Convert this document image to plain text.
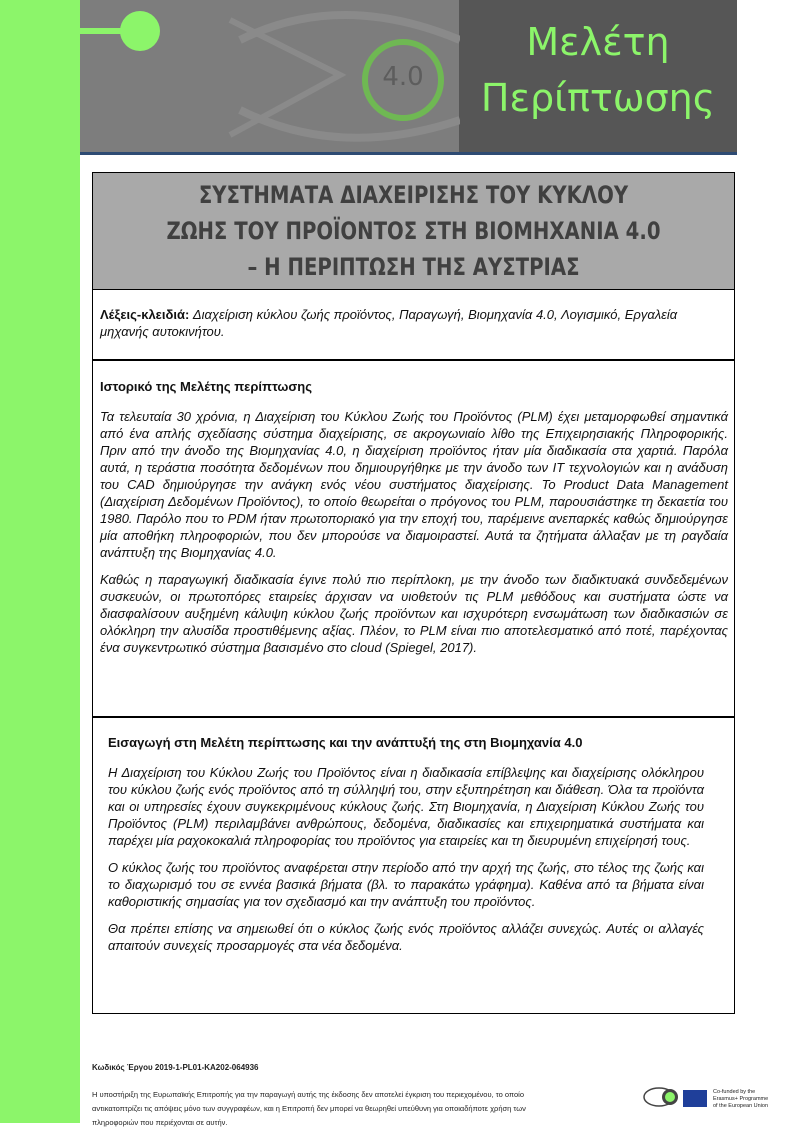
4.0
Μελέτη
Περίπτωσης
ΣΥΣΤΗΜΑΤΑ ΔΙΑΧΕΙΡΙΣΗΣ ΤΟΥ ΚΥΚΛΟΥ ΖΩΗΣ ΤΟΥ ΠΡΟΪΟΝΤΟΣ ΣΤΗ ΒΙΟΜΗΧΑΝΙΑ 4.0 – Η ΠΕΡΙΠΤΩΣΗ ΤΗΣ ΑΥΣΤΡΙΑΣ
Λέξεις-κλειδιά: Διαχείριση κύκλου ζωής προϊόντος, Παραγωγή, Βιομηχανία 4.0, Λογισμικό, Εργαλεία μηχανής αυτοκινήτου.
Ιστορικό της Μελέτης περίπτωσης

Τα τελευταία 30 χρόνια, η Διαχείριση του Κύκλου Ζωής του Προϊόντος (PLM) έχει μεταμορφωθεί σημαντικά από ένα απλής σχεδίασης σύστημα διαχείρισης, σε ακρογωνιαίο λίθο της Επιχειρησιακής Πληροφορικής. Πριν από την άνοδο της Βιομηχανίας 4.0, η διαχείριση προϊόντος ήταν μία διαδικασία στα χαρτιά. Παρόλα αυτά, η τεράστια ποσότητα δεδομένων που δημιουργήθηκε με την άνοδο των IT τεχνολογιών και η ανάδυση του CAD δημιούργησε την ανάγκη ενός νέου συστήματος διαχείρισης. Το Product Data Management (Διαχείριση Δεδομένων Προϊόντος), το οποίο θεωρείται ο πρόγονος του PLM, παρουσιάστηκε τη δεκαετία του 1980. Παρόλο που το PDM ήταν πρωτοποριακό για την εποχή του, παρέμεινε ανεπαρκές καθώς δημιούργησε μία αποθήκη πληροφοριών, που δεν μπορούσε να διαμοιραστεί. Αυτά τα ζητήματα άλλαξαν με τη ραγδαία ανάπτυξη της Βιομηχανίας 4.0.

Καθώς η παραγωγική διαδικασία έγινε πολύ πιο περίπλοκη, με την άνοδο των διαδικτυακά συνδεδεμένων συσκευών, οι πρωτοπόρες εταιρείες άρχισαν να υιοθετούν τις PLM μεθόδους και συστήματα ώστε να διασφαλίσουν αυξημένη κάλυψη κύκλου ζωής προϊόντων και ισχυρότερη ενσωμάτωση των διαδικασιών σε ολόκληρη την αλυσίδα προστιθέμενης αξίας. Πλέον, το PLM είναι πιο αποτελεσματικό από ποτέ, παρέχοντας ένα συγκεντρωτικό σύστημα βασισμένο στο cloud (Spiegel, 2017).

Εισαγωγή στη Μελέτη περίπτωσης και την ανάπτυξή της στη Βιομηχανία 4.0

Η Διαχείριση του Κύκλου Ζωής του Προϊόντος είναι η διαδικασία επίβλεψης και διαχείρισης ολόκληρου του κύκλου ζωής ενός προϊόντος από τη σύλληψή του, στην εξυπηρέτηση και διάθεση. Όλα τα προϊόντα και οι υπηρεσίες έχουν συγκεκριμένους κύκλους ζωής. Στη Βιομηχανία, η Διαχείριση Κύκλου Ζωής του Προϊόντος (PLM) περιλαμβάνει ανθρώπους, δεδομένα, διαδικασίες και επιχειρηματικά συστήματα και παρέχει μία ραχοκοκαλιά πληροφορίας του προϊόντος για εταιρείες και τη διευρυμένη επιχείρησή τους.

Ο κύκλος ζωής του προϊόντος αναφέρεται στην περίοδο από την αρχή της ζωής, στο τέλος της ζωής και το διαχωρισμό του σε εννέα βασικά βήματα (βλ. το παρακάτω γράφημα). Καθένα από τα βήματα είναι καθοριστικής σημασίας για τον σχεδιασμό και την ανάπτυξη του προϊόντος.

Θα πρέπει επίσης να σημειωθεί ότι ο κύκλος ζωής ενός προϊόντος αλλάζει συνεχώς. Αυτές οι αλλαγές απαιτούν συνεχείς προσαρμογές στα νέα δεδομένα.

Κωδικός Έργου 2019-1-PL01-KA202-064936
Η υποστήριξη της Ευρωπαϊκής Επιτροπής για την παραγωγή αυτής της έκδοσης δεν αποτελεί έγκριση του περιεχομένου, το οποίο αντικατοπτρίζει τις απόψεις μόνο των συγγραφέων, και η Επιτροπή δεν μπορεί να θεωρηθεί υπεύθυνη για οποιαδήποτε χρήση των πληροφοριών που περιέχονται σε αυτήν.
Co-funded by the Erasmus+ Programme of the European Union
